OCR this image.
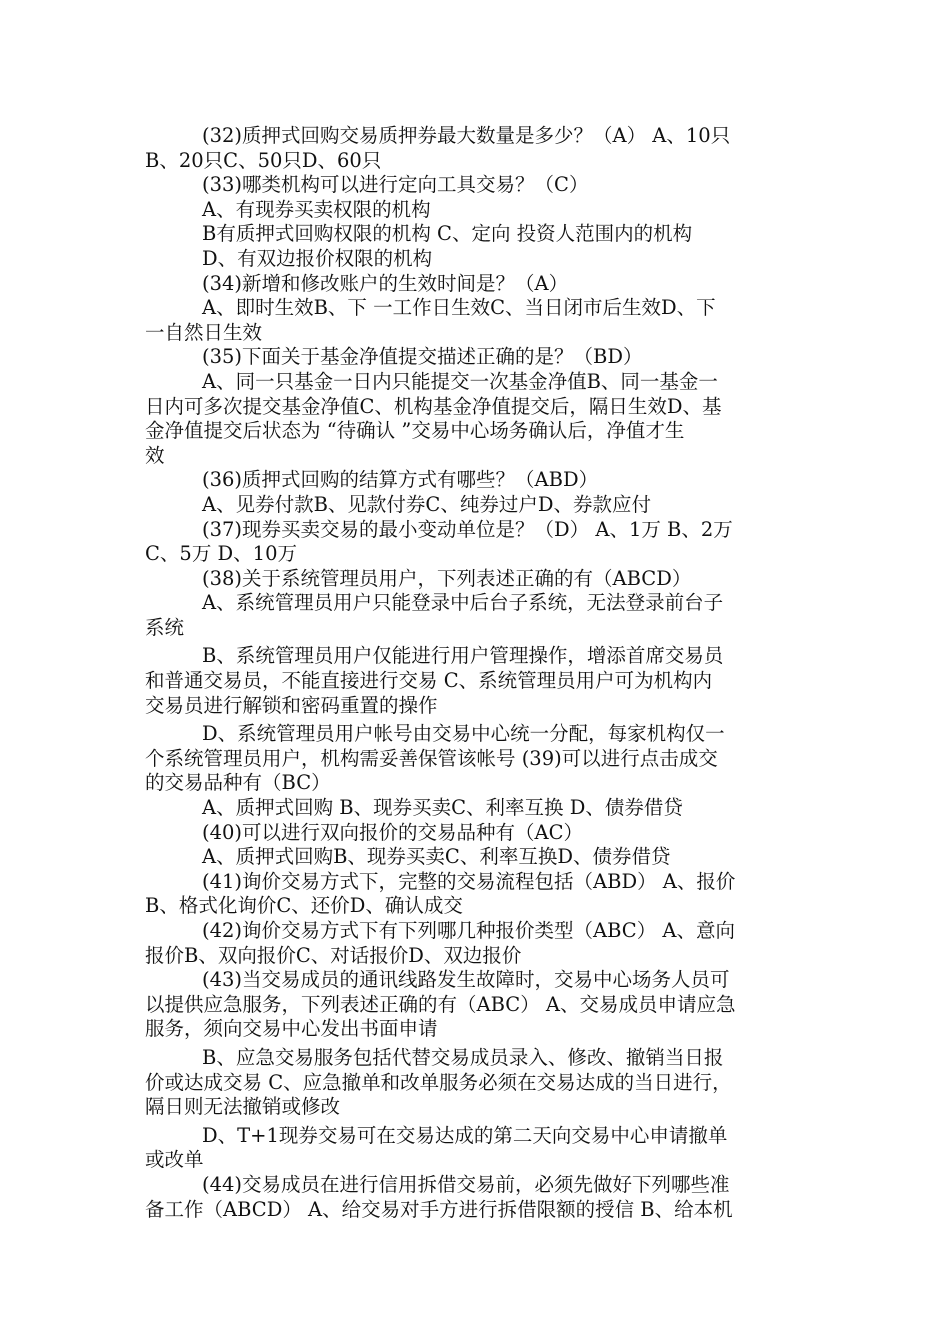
(32)质押式回购交易质押券最大数量是多少？（A） A、10只
B、20只C、50只D、60只
(33)哪类机构可以进行定向工具交易？（C）
A、有现券买卖权限的机构
B有质押式回购权限的机构 C、定向 投资人范围内的机构
D、有双边报价权限的机构
(34)新增和修改账户的生效时间是？（A）
A、即时生效B、下 一工作日生效C、当日闭市后生效D、下
一自然日生效
(35)下面关于基金净值提交描述正确的是？（BD）
A、同一只基金一日内只能提交一次基金净值B、同一基金一
日内可多次提交基金净值C、机构基金净值提交后，隔日生效D、基
金净值提交后状态为 “待确认 ”交易中心场务确认后，净值才生
效
(36)质押式回购的结算方式有哪些？（ABD）
A、见券付款B、见款付券C、纯券过户D、券款应付
(37)现券买卖交易的最小变动单位是？（D） A、1万 B、2万
C、5万 D、10万
(38)关于系统管理员用户，下列表述正确的有（ABCD）
A、系统管理员用户只能登录中后台子系统，无法登录前台子
系统
B、系统管理员用户仅能进行用户管理操作，增添首席交易员
和普通交易员，不能直接进行交易 C、系统管理员用户可为机构内
交易员进行解锁和密码重置的操作
D、系统管理员用户帐号由交易中心统一分配，每家机构仅一
个系统管理员用户，机构需妥善保管该帐号 (39)可以进行点击成交
的交易品种有（BC）
A、质押式回购 B、现券买卖C、利率互换 D、债券借贷
(40)可以进行双向报价的交易品种有（AC）
A、质押式回购B、现券买卖C、利率互换D、债券借贷
(41)询价交易方式下，完整的交易流程包括（ABD） A、报价
B、格式化询价C、还价D、确认成交
(42)询价交易方式下有下列哪几种报价类型（ABC） A、意向
报价B、双向报价C、对话报价D、双边报价
(43)当交易成员的通讯线路发生故障时，交易中心场务人员可
以提供应急服务，下列表述正确的有（ABC） A、交易成员申请应急
服务，须向交易中心发出书面申请
B、应急交易服务包括代替交易成员录入、修改、撤销当日报
价或达成交易 C、应急撤单和改单服务必须在交易达成的当日进行，
隔日则无法撤销或修改
D、T+1现券交易可在交易达成的第二天向交易中心申请撤单
或改单
(44)交易成员在进行信用拆借交易前，必须先做好下列哪些准
备工作（ABCD） A、给交易对手方进行拆借限额的授信 B、给本机
